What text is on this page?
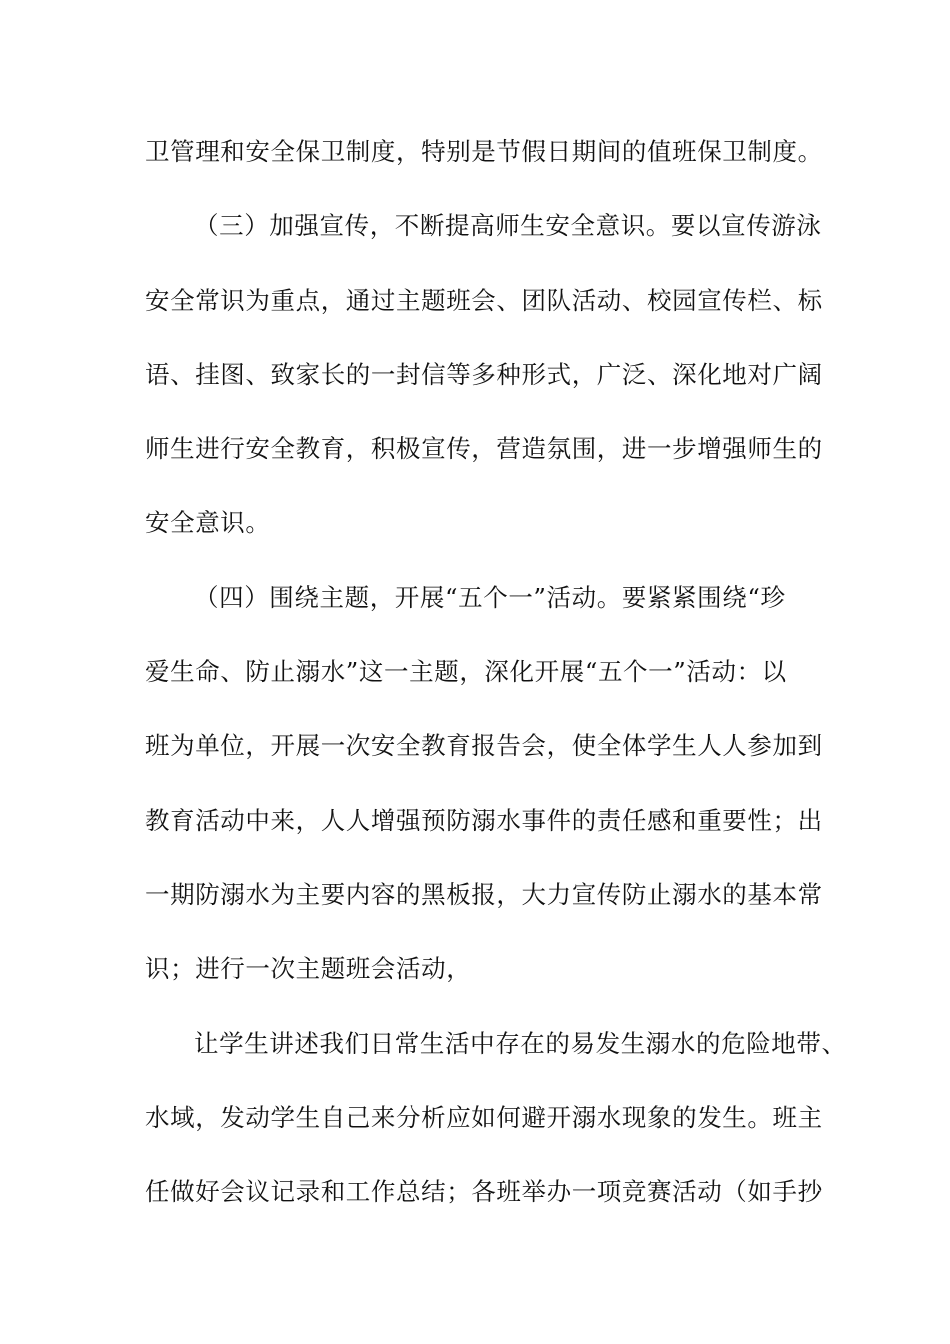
卫管理和安全保卫制度，特别是节假日期间的值班保卫制度。
（三）加强宣传，不断提高师生安全意识。要以宣传游泳
安全常识为重点，通过主题班会、团队活动、校园宣传栏、标
语、挂图、致家长的一封信等多种形式，广泛、深化地对广阔
师生进行安全教育，积极宣传，营造氛围，进一步增强师生的
安全意识。
（四）围绕主题，开展“五个一”活动。要紧紧围绕“珍
爱生命、防止溺水”这一主题，深化开展“五个一”活动：以
班为单位，开展一次安全教育报告会，使全体学生人人参加到
教育活动中来，人人增强预防溺水事件的责任感和重要性；出
一期防溺水为主要内容的黑板报，大力宣传防止溺水的基本常
识；进行一次主题班会活动，
让学生讲述我们日常生活中存在的易发生溺水的危险地带、
水域，发动学生自己来分析应如何避开溺水现象的发生。班主
任做好会议记录和工作总结；各班举办一项竞赛活动（如手抄
